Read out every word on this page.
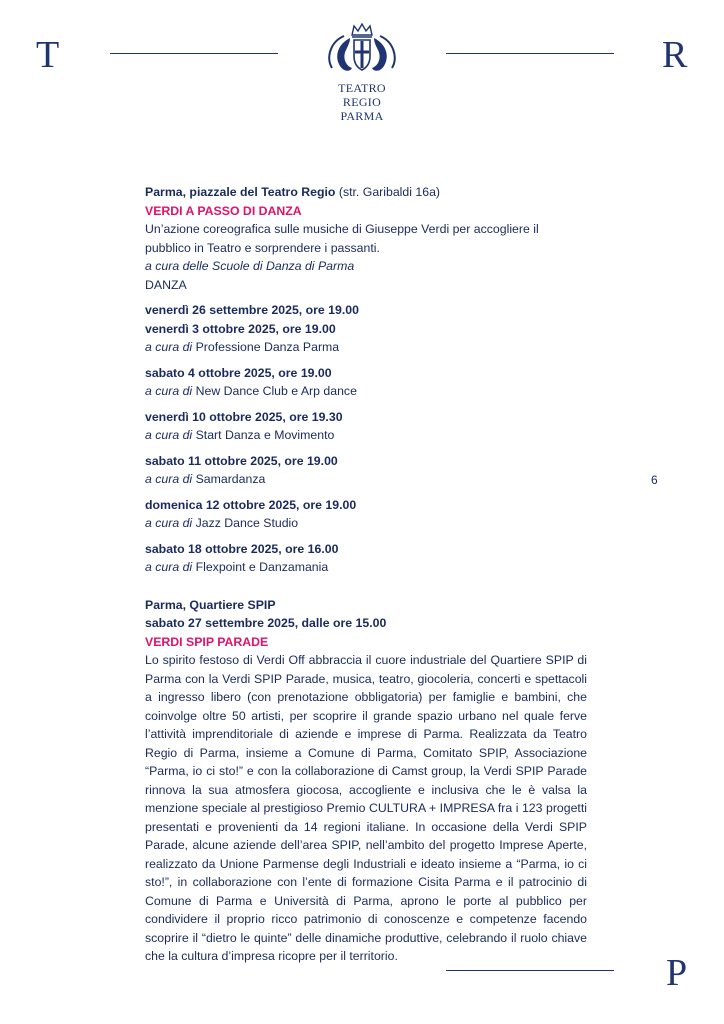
T
TEATRO REGIO
PARMA
R
6
Parma, piazzale del Teatro Regio (str. Garibaldi 16a)
VERDI A PASSO DI DANZA
Un’azione coreografica sulle musiche di Giuseppe Verdi per accogliere il pubblico in Teatro e sorprendere i passanti.
a cura delle Scuole di Danza di Parma
DANZA
venerdì 26 settembre 2025, ore 19.00
venerdì 3 ottobre 2025, ore 19.00
a cura di Professione Danza Parma
sabato 4 ottobre 2025, ore 19.00
a cura di New Dance Club e Arp dance
venerdì 10 ottobre 2025, ore 19.30
a cura di Start Danza e Movimento
sabato 11 ottobre 2025, ore 19.00
a cura di Samardanza
domenica 12 ottobre 2025, ore 19.00
a cura di Jazz Dance Studio
sabato 18 ottobre 2025, ore 16.00
a cura di Flexpoint e Danzamania
Parma, Quartiere SPIP
sabato 27 settembre 2025, dalle ore 15.00
VERDI SPIP PARADE
Lo spirito festoso di Verdi Off abbraccia il cuore industriale del Quartiere SPIP di Parma con la Verdi SPIP Parade, musica, teatro, giocoleria, concerti e spettacoli a ingresso libero (con prenotazione obbligatoria) per famiglie e bambini, che coinvolge oltre 50 artisti, per scoprire il grande spazio urbano nel quale ferve l’attività imprenditoriale di aziende e imprese di Parma. Realizzata da Teatro Regio di Parma, insieme a Comune di Parma, Comitato SPIP, Associazione “Parma, io ci sto!” e con la collaborazione di Camst group, la Verdi SPIP Parade rinnova la sua atmosfera giocosa, accogliente e inclusiva che le è valsa la menzione speciale al prestigioso Premio CULTURA + IMPRESA fra i 123 progetti presentati e provenienti da 14 regioni italiane. In occasione della Verdi SPIP Parade, alcune aziende dell’area SPIP, nell’ambito del progetto Imprese Aperte, realizzato da Unione Parmense degli Industriali e ideato insieme a “Parma, io ci sto!”, in collaborazione con l’ente di formazione Cisita Parma e il patrocinio di Comune di Parma e Università di Parma, aprono le porte al pubblico per condividere il proprio ricco patrimonio di conoscenze e competenze facendo scoprire il “dietro le quinte” delle dinamiche produttive, celebrando il ruolo chiave che la cultura d’impresa ricopre per il territorio.	P
